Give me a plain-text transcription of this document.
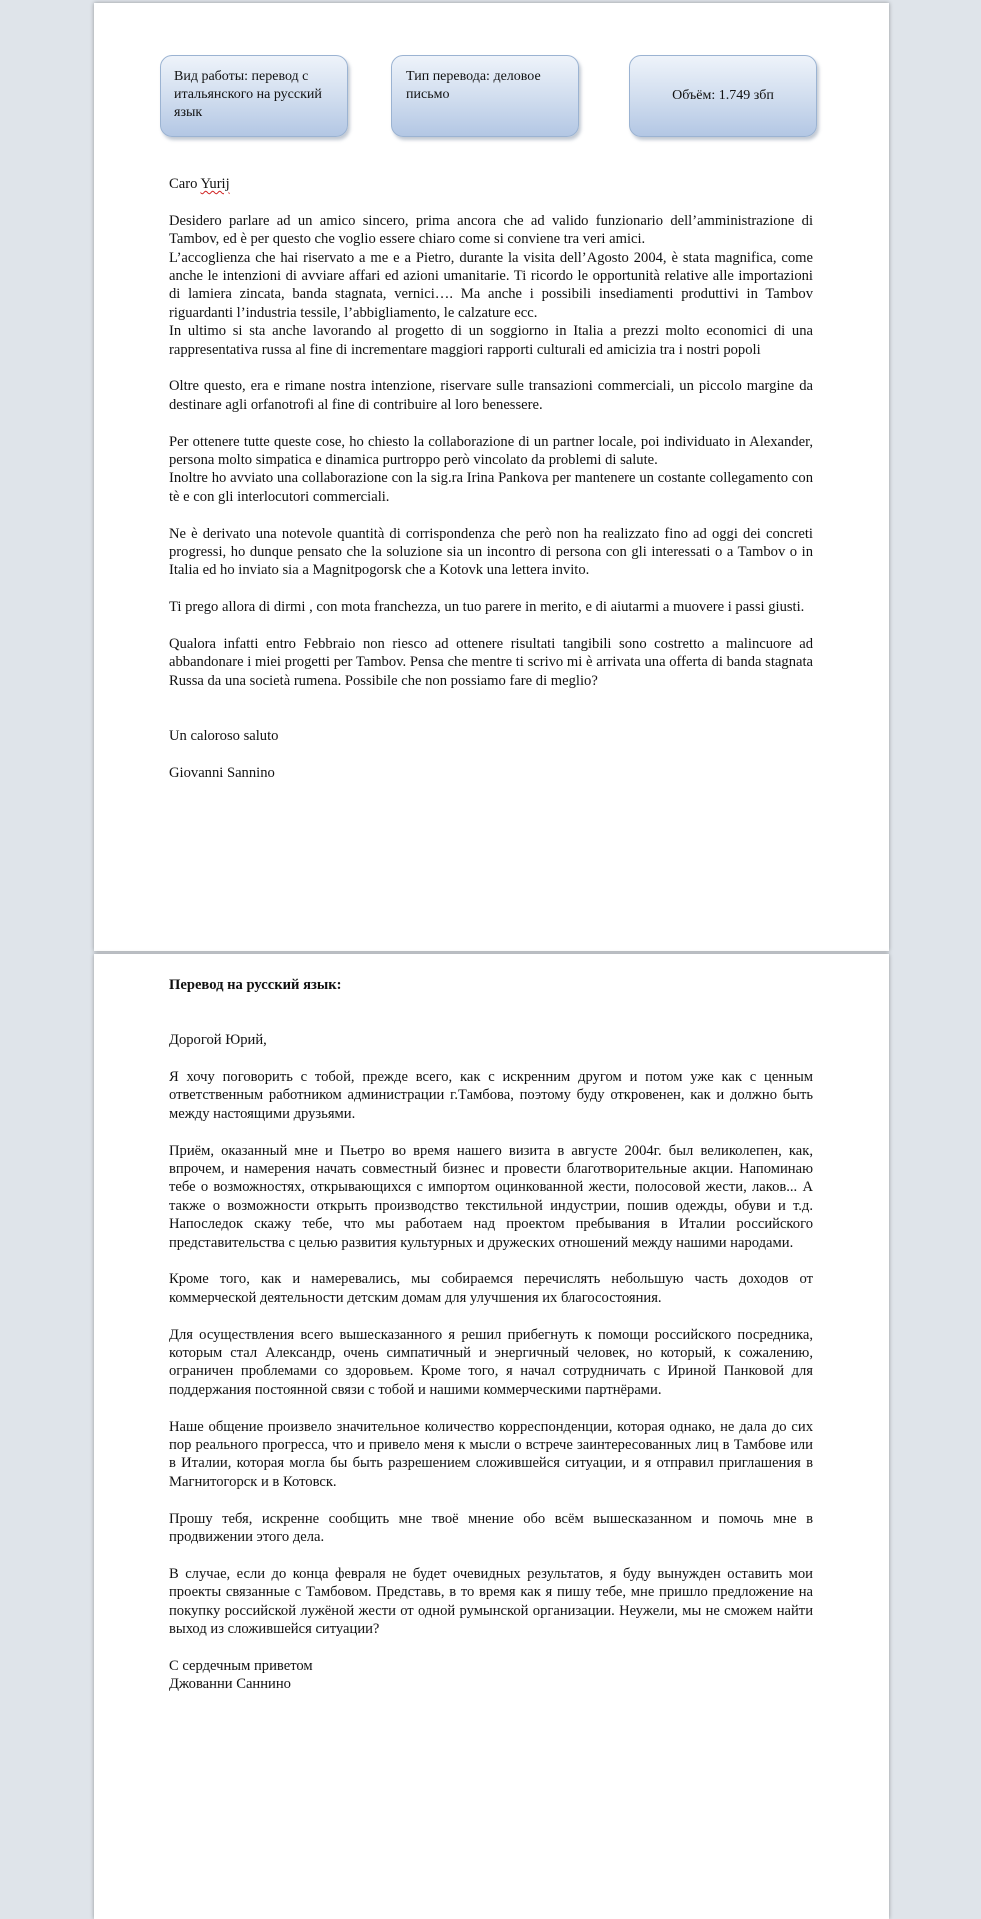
Вид работы: перевод с итальянского на русский язык
Тип перевода: деловое письмо	Объём: 1.749 збп

Caro Yurij

Desidero parlare ad un amico sincero, prima ancora che ad valido funzionario dell’amministrazione di Tambov, ed è per questo che voglio essere chiaro come si conviene tra veri amici.

L’accoglienza che hai riservato a me e a Pietro, durante la visita dell’Agosto 2004, è stata magnifica, come anche le intenzioni di avviare affari ed azioni umanitarie. Ti ricordo le opportunità relative alle importazioni di lamiera zincata, banda stagnata, vernici…. Ma anche i possibili insediamenti produttivi in Tambov riguardanti l’industria tessile, l’abbigliamento, le calzature ecc.

In ultimo si sta anche lavorando al progetto di un soggiorno in Italia a prezzi molto economici di una rappresentativa russa al fine di incrementare maggiori rapporti culturali ed amicizia tra i nostri popoli

Oltre questo, era e rimane nostra intenzione, riservare sulle transazioni commerciali, un piccolo margine da destinare agli orfanotrofi al fine di contribuire al loro benessere.

Per ottenere tutte queste cose, ho chiesto la collaborazione di un partner locale, poi individuato in Alexander, persona molto simpatica e dinamica purtroppo però vincolato da problemi di salute.

Inoltre ho avviato una collaborazione con la sig.ra Irina Pankova per mantenere un costante collegamento con tè e con gli interlocutori commerciali.

Ne è derivato una notevole quantità di corrispondenza che però non ha realizzato fino ad oggi dei concreti progressi, ho dunque pensato che la soluzione sia un incontro di persona con gli interessati o a Tambov o in Italia ed ho inviato sia a Magnitpogorsk che a Kotovk una lettera invito.

Ti prego allora di dirmi , con mota franchezza, un tuo parere in merito, e di aiutarmi a muovere i passi giusti.

Qualora infatti entro Febbraio non riesco ad ottenere risultati tangibili sono costretto a malincuore ad abbandonare i miei progetti per Tambov. Pensa che mentre ti scrivo mi è arrivata una offerta di banda stagnata Russa da una società rumena. Possibile che non possiamo fare di meglio?

Un caloroso saluto

Giovanni Sannino

Перевод на русский язык:

Дорогой Юрий,

Я хочу поговорить с тобой, прежде всего, как с искренним другом и потом уже как с ценным ответственным работником администрации г.Тамбова, поэтому буду откровенен, как и должно быть между настоящими друзьями.

Приём, оказанный мне и Пьетро во время нашего визита в августе 2004г. был великолепен, как, впрочем, и намерения начать совместный бизнес и провести благотворительные акции. Напоминаю тебе о возможностях, открывающихся с импортом оцинкованной жести, полосовой жести, лаков... А также о возможности открыть производство текстильной индустрии, пошив одежды, обуви и т.д. Напоследок скажу тебе, что мы работаем над проектом пребывания в Италии российского представительства с целью развития культурных и дружеских отношений между нашими народами.

Кроме того, как и намеревались, мы собираемся перечислять небольшую часть доходов от коммерческой деятельности детским домам для улучшения их благосостояния.

Для осуществления всего вышесказанного я решил прибегнуть к помощи российского посредника, которым стал Александр, очень симпатичный и энергичный человек, но который, к сожалению, ограничен проблемами со здоровьем. Кроме того, я начал сотрудничать с Ириной Панковой для поддержания постоянной связи с тобой и нашими коммерческими партнёрами.

Наше общение произвело значительное количество корреспонденции, которая однако, не дала до сих пор реального прогресса, что и привело меня к мысли о встрече заинтересованных лиц в Тамбове или в Италии, которая могла бы быть разрешением сложившейся ситуации, и я отправил приглашения в Магнитогорск и в Котовск.

Прошу тебя, искренне сообщить мне твоё мнение обо всём вышесказанном и помочь мне в продвижении этого дела.

В случае, если до конца февраля не будет очевидных результатов, я буду вынужден оставить мои проекты связанные с Тамбовом. Представь, в то время как я пишу тебе, мне пришло предложение на покупку российской лужёной жести от одной румынской организации. Неужели, мы не сможем найти выход из сложившейся ситуации?

С сердечным приветом

Джованни Саннино
